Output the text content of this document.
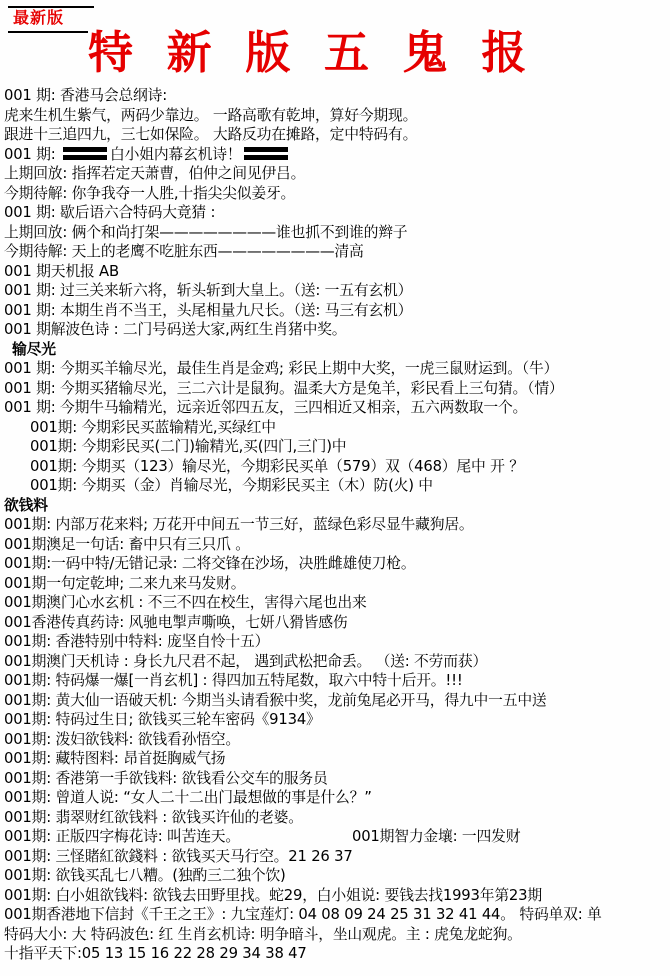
最新版
特 新 版 五 鬼 报
001 期: 香港马会总纲诗:
虎来生机生紫气，两码少靠边。 一路高歌有乾坤，算好今期现。
跟进十三追四九，三七如保险。 大路反功在摊路，定中特码有。
001 期:	白小姐内幕玄机诗！
上期回放: 指挥若定天萧曹，伯仲之间见伊吕。
今期待解: 你争我夺一人胜,十指尖尖似姜牙。
001 期: 歇后语六合特码大竟猜 :
上期回放: 俩个和尚打架————————谁也抓不到谁的辫子
今期待解: 天上的老鹰不吃脏东西————————清高
001 期天机报 AB
001 期: 过三关来斩六将，斩头斩到大皇上。（送: 一五有玄机）
001 期: 本期生肖不当王，头尾相量九尺长。（送: 马三有玄机）
001 期解波色诗 : 二门号码送大家,两红生肖猪中奖。
输尽光
001 期: 今期买羊输尽光，最佳生肖是金鸡; 彩民上期中大奖，一虎三鼠财运到。（牛）
001 期: 今期买猪输尽光，三二六计是鼠狗。温柔大方是兔羊，彩民看上三句猜。（情）
001 期: 今期牛马输精光，远亲近邻四五友，三四相近又相亲，五六两数取一个。
001期: 今期彩民买蓝输精光,买绿红中
001期: 今期彩民买(二门)输精光,买(四门,三门)中
001期: 今期买（123）输尽光，今期彩民买单（579）双（468）尾中 开 ？
001期: 今期买（金）肖输尽光，今期彩民买主（木）防(火) 中
欲钱料
001期: 内部万花来料; 万花开中间五一节三好，蓝绿色彩尽显牛藏狗居。
001期澳足一句话: 畜中只有三只爪 。
001期:一码中特/无错记录: 二将交锋在沙场，决胜雌雄使刀枪。
001期一句定乾坤; 二来九来马发财。
001期澳门心水玄机 : 不三不四在校生，害得六尾也出来
001香港传真药诗: 风驰电掣声嘶唤，七妍八猾皆感伤
001期: 香港特别中特料: 庞坚自怜十五）
001期澳门天机诗 : 身长九尺君不起， 遇到武松把命丢。 （送: 不劳而获）
001期: 特码爆一爆[一肖玄机] : 得四加五特尾数，取六中特十后开。!!!
001期: 黄大仙一语破天机: 今期当头请看猴中奖，龙前兔尾必开马，得九中一五中送
001期: 特码过生日; 欲钱买三轮车密码《9134》
001期: 泼妇欲钱料: 欲钱看孙悟空。
001期: 藏特图料: 昂首挺胸威气扬
001期: 香港第一手欲钱料: 欲钱看公交车的服务员
001期: 曾道人说: “女人二十二出门最想做的事是什么？”
001期: 翡翠财红欲钱料 : 欲钱买许仙的老婆。
001期: 正版四字梅花诗: 叫苦连天。	001期智力金壤: 一四发财
001期: 三怪賭紅欲錢料 : 欲钱买天马行空。21 26 37
001期: 欲钱买乱七八糟。(独酌三二独个饮)
001期: 白小姐欲钱料: 欲钱去田野里找。蛇29，白小姐说: 要钱去找1993年第23期
001期香港地下信封《千王之王》: 九宝莲灯: 04 08 09 24 25 31 32 41 44。 特码单双: 单
特码大小: 大 特码波色: 红 生肖玄机诗: 明争暗斗，坐山观虎。主 : 虎兔龙蛇狗。
十指平天下:05 13 15 16 22 28 29 34 38 47
